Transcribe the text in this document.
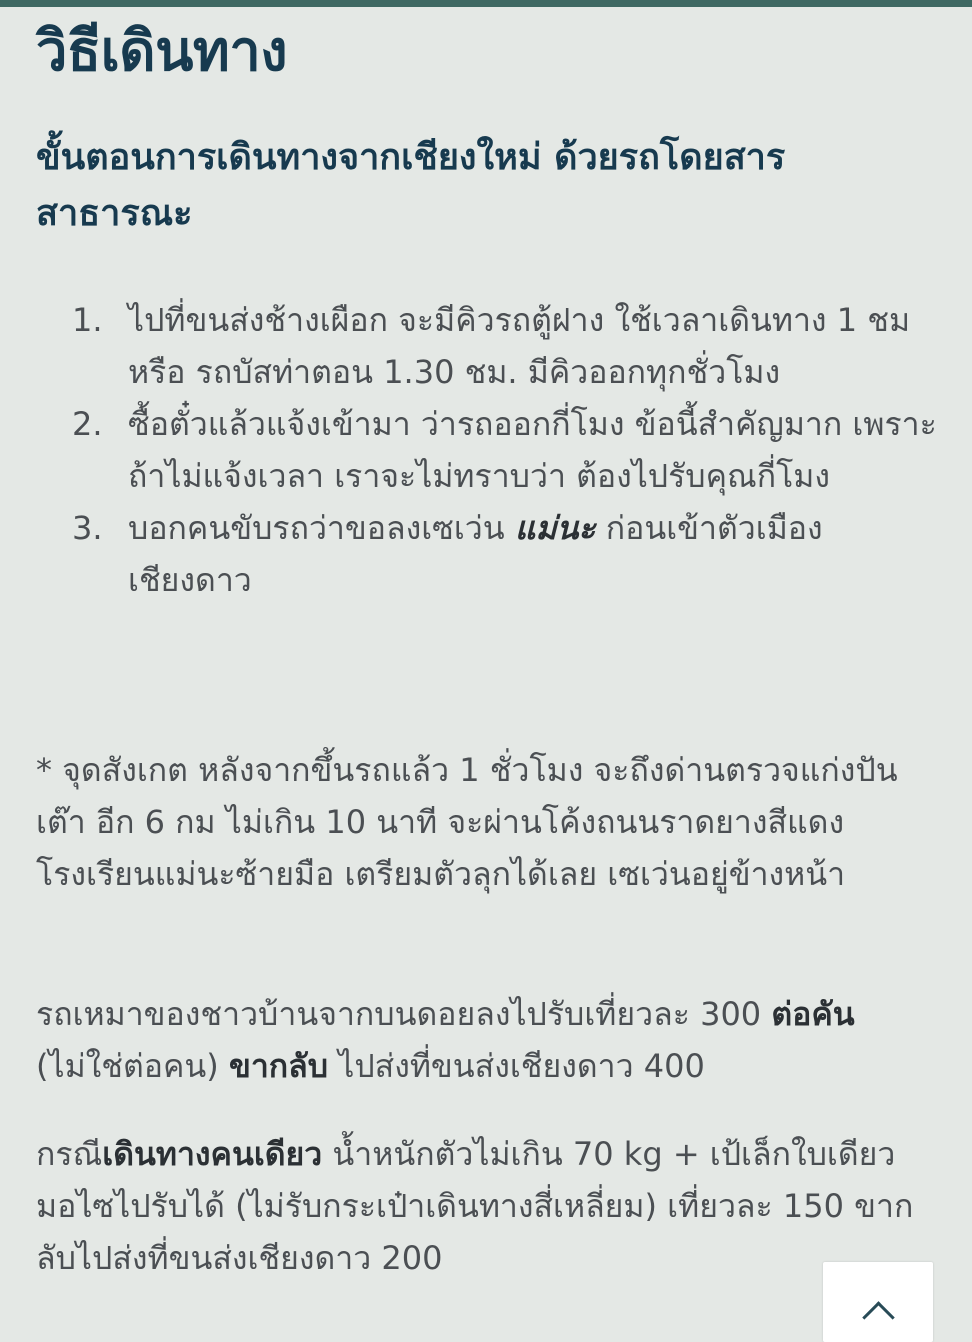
วิธีเดินทาง
ขั้นตอนการเดินทางจากเชียงใหม่ ด้วยรถโดยสารสาธารณะ
1. ไปที่ขนส่งช้างเผือก จะมีคิวรถตู้ฝาง ใช้เวลาเดินทาง 1 ชม หรือ รถบัสท่าตอน 1.30 ชม. มีคิวออกทุกชั่วโมง
2. ซื้อตั๋วแล้วแจ้งเข้ามา ว่ารถออกกี่โมง ข้อนี้สำคัญมาก เพราะถ้าไม่แจ้งเวลา เราจะไม่ทราบว่า ต้องไปรับคุณกี่โมง
3. บอกคนขับรถว่าขอลงเซเว่น แม่นะ ก่อนเข้าตัวเมืองเชียงดาว

* จุดสังเกต หลังจากขึ้นรถแล้ว 1 ชั่วโมง จะถึงด่านตรวจแก่งปันเต๊า อีก 6 กม ไม่เกิน 10 นาที จะผ่านโค้งถนนราดยางสีแดง โรงเรียนแม่นะซ้ายมือ เตรียมตัวลุกได้เลย เซเว่นอยู่ข้างหน้า

รถเหมาของชาวบ้านจากบนดอยลงไปรับเที่ยวละ 300 ต่อคัน (ไม่ใช่ต่อคน) ขากลับ ไปส่งที่ขนส่งเชียงดาว 400

กรณีเดินทางคนเดียว น้ำหนักตัวไม่เกิน 70 kg + เป้เล็กใบเดียว มอไซไปรับได้ (ไม่รับกระเป๋าเดินทางสี่เหลี่ยม) เที่ยวละ 150 ขากลับไปส่งที่ขนส่งเชียงดาว 200
